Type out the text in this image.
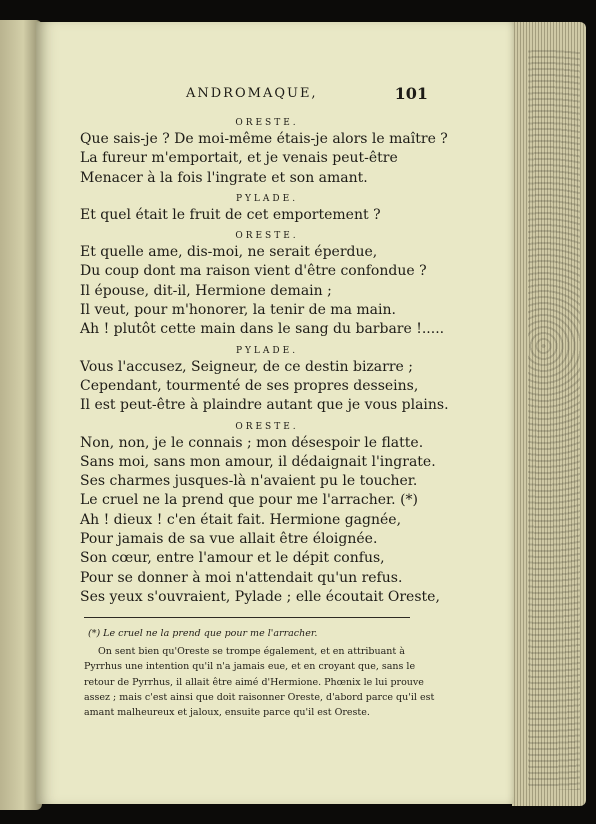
ANDROMAQUE,	101
ORESTE.
Que sais-je ? De moi-même étais-je alors le maître ?
La fureur m'emportait, et je venais peut-être
Menacer à la fois l'ingrate et son amant.
PYLADE.
Et quel était le fruit de cet emportement ?
ORESTE.
Et quelle ame, dis-moi, ne serait éperdue,
Du coup dont ma raison vient d'être confondue ?
Il épouse, dit-il, Hermione demain ;
Il veut, pour m'honorer, la tenir de ma main.
Ah ! plutôt cette main dans le sang du barbare !.....
PYLADE.
Vous l'accusez, Seigneur, de ce destin bizarre ;
Cependant, tourmenté de ses propres desseins,
Il est peut-être à plaindre autant que je vous plains.
ORESTE.
Non, non, je le connais ; mon désespoir le flatte.
Sans moi, sans mon amour, il dédaignait l'ingrate.
Ses charmes jusques-là n'avaient pu le toucher.
Le cruel ne la prend que pour me l'arracher. (*)
Ah ! dieux ! c'en était fait. Hermione gagnée,
Pour jamais de sa vue allait être éloignée.
Son cœur, entre l'amour et le dépit confus,
Pour se donner à moi n'attendait qu'un refus.
Ses yeux s'ouvraient, Pylade ; elle écoutait Oreste,
(*) Le cruel ne la prend que pour me l'arracher.
On sent bien qu'Oreste se trompe également, et en attribuant à
Pyrrhus une intention qu'il n'a jamais eue, et en croyant que, sans le
retour de Pyrrhus, il allait être aimé d'Hermione. Phœnix le lui prouve
assez ; mais c'est ainsi que doit raisonner Oreste, d'abord parce qu'il est
amant malheureux et jaloux, ensuite parce qu'il est Oreste.
